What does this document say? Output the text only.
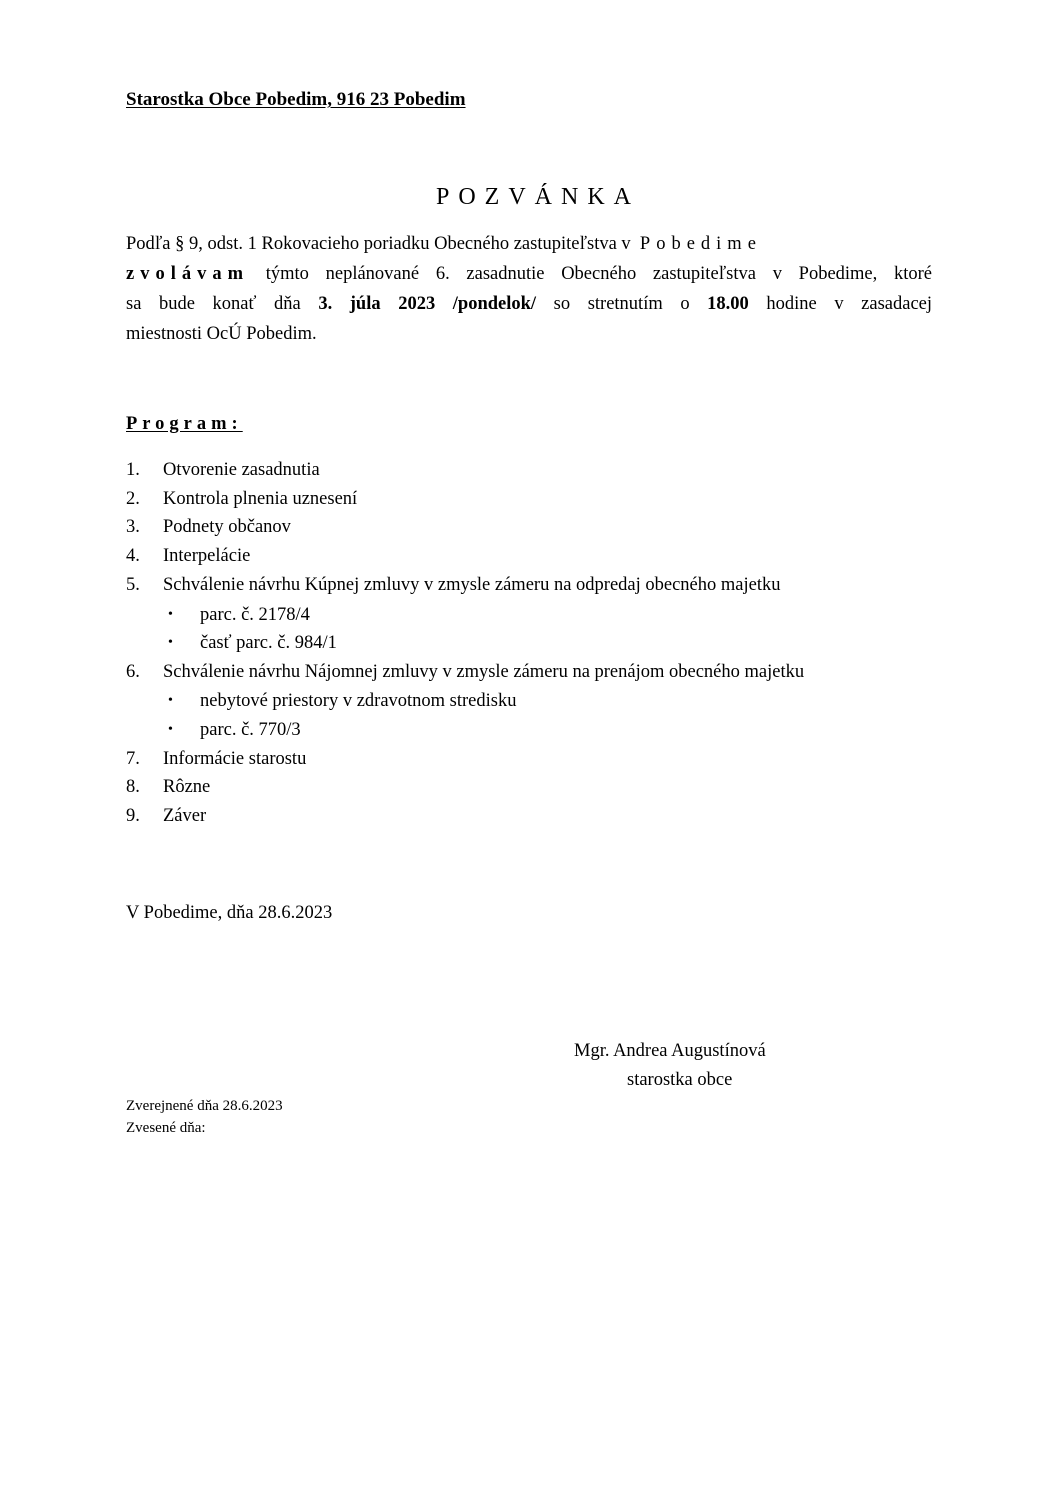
Starostka Obce Pobedim, 916 23 Pobedim
POZVÁNKA
Podľa § 9, odst. 1 Rokovacieho poriadku Obecného zastupiteľstva v Pobedime
zvolávam týmto neplánované 6. zasadnutie Obecného zastupiteľstva v Pobedime, ktoré
sa bude konať dňa 3. júla 2023 /pondelok/ so stretnutím o 18.00 hodine v zasadacej
miestnosti OcÚ Pobedim.
Program:
1. Otvorenie zasadnutia
2. Kontrola plnenia uznesení
3. Podnety občanov
4. Interpelácie
5. Schválenie návrhu Kúpnej zmluvy v zmysle zámeru na odpredaj obecného majetku
• parc. č. 2178/4
• časť parc. č. 984/1
6. Schválenie návrhu Nájomnej zmluvy v zmysle zámeru na prenájom obecného majetku
• nebytové priestory v zdravotnom stredisku
• parc. č. 770/3
7. Informácie starostu
8. Rôzne
9. Záver
V Pobedime, dňa 28.6.2023
Mgr. Andrea Augustínová
starostka obce
Zverejnené dňa 28.6.2023
Zvesené dňa:
